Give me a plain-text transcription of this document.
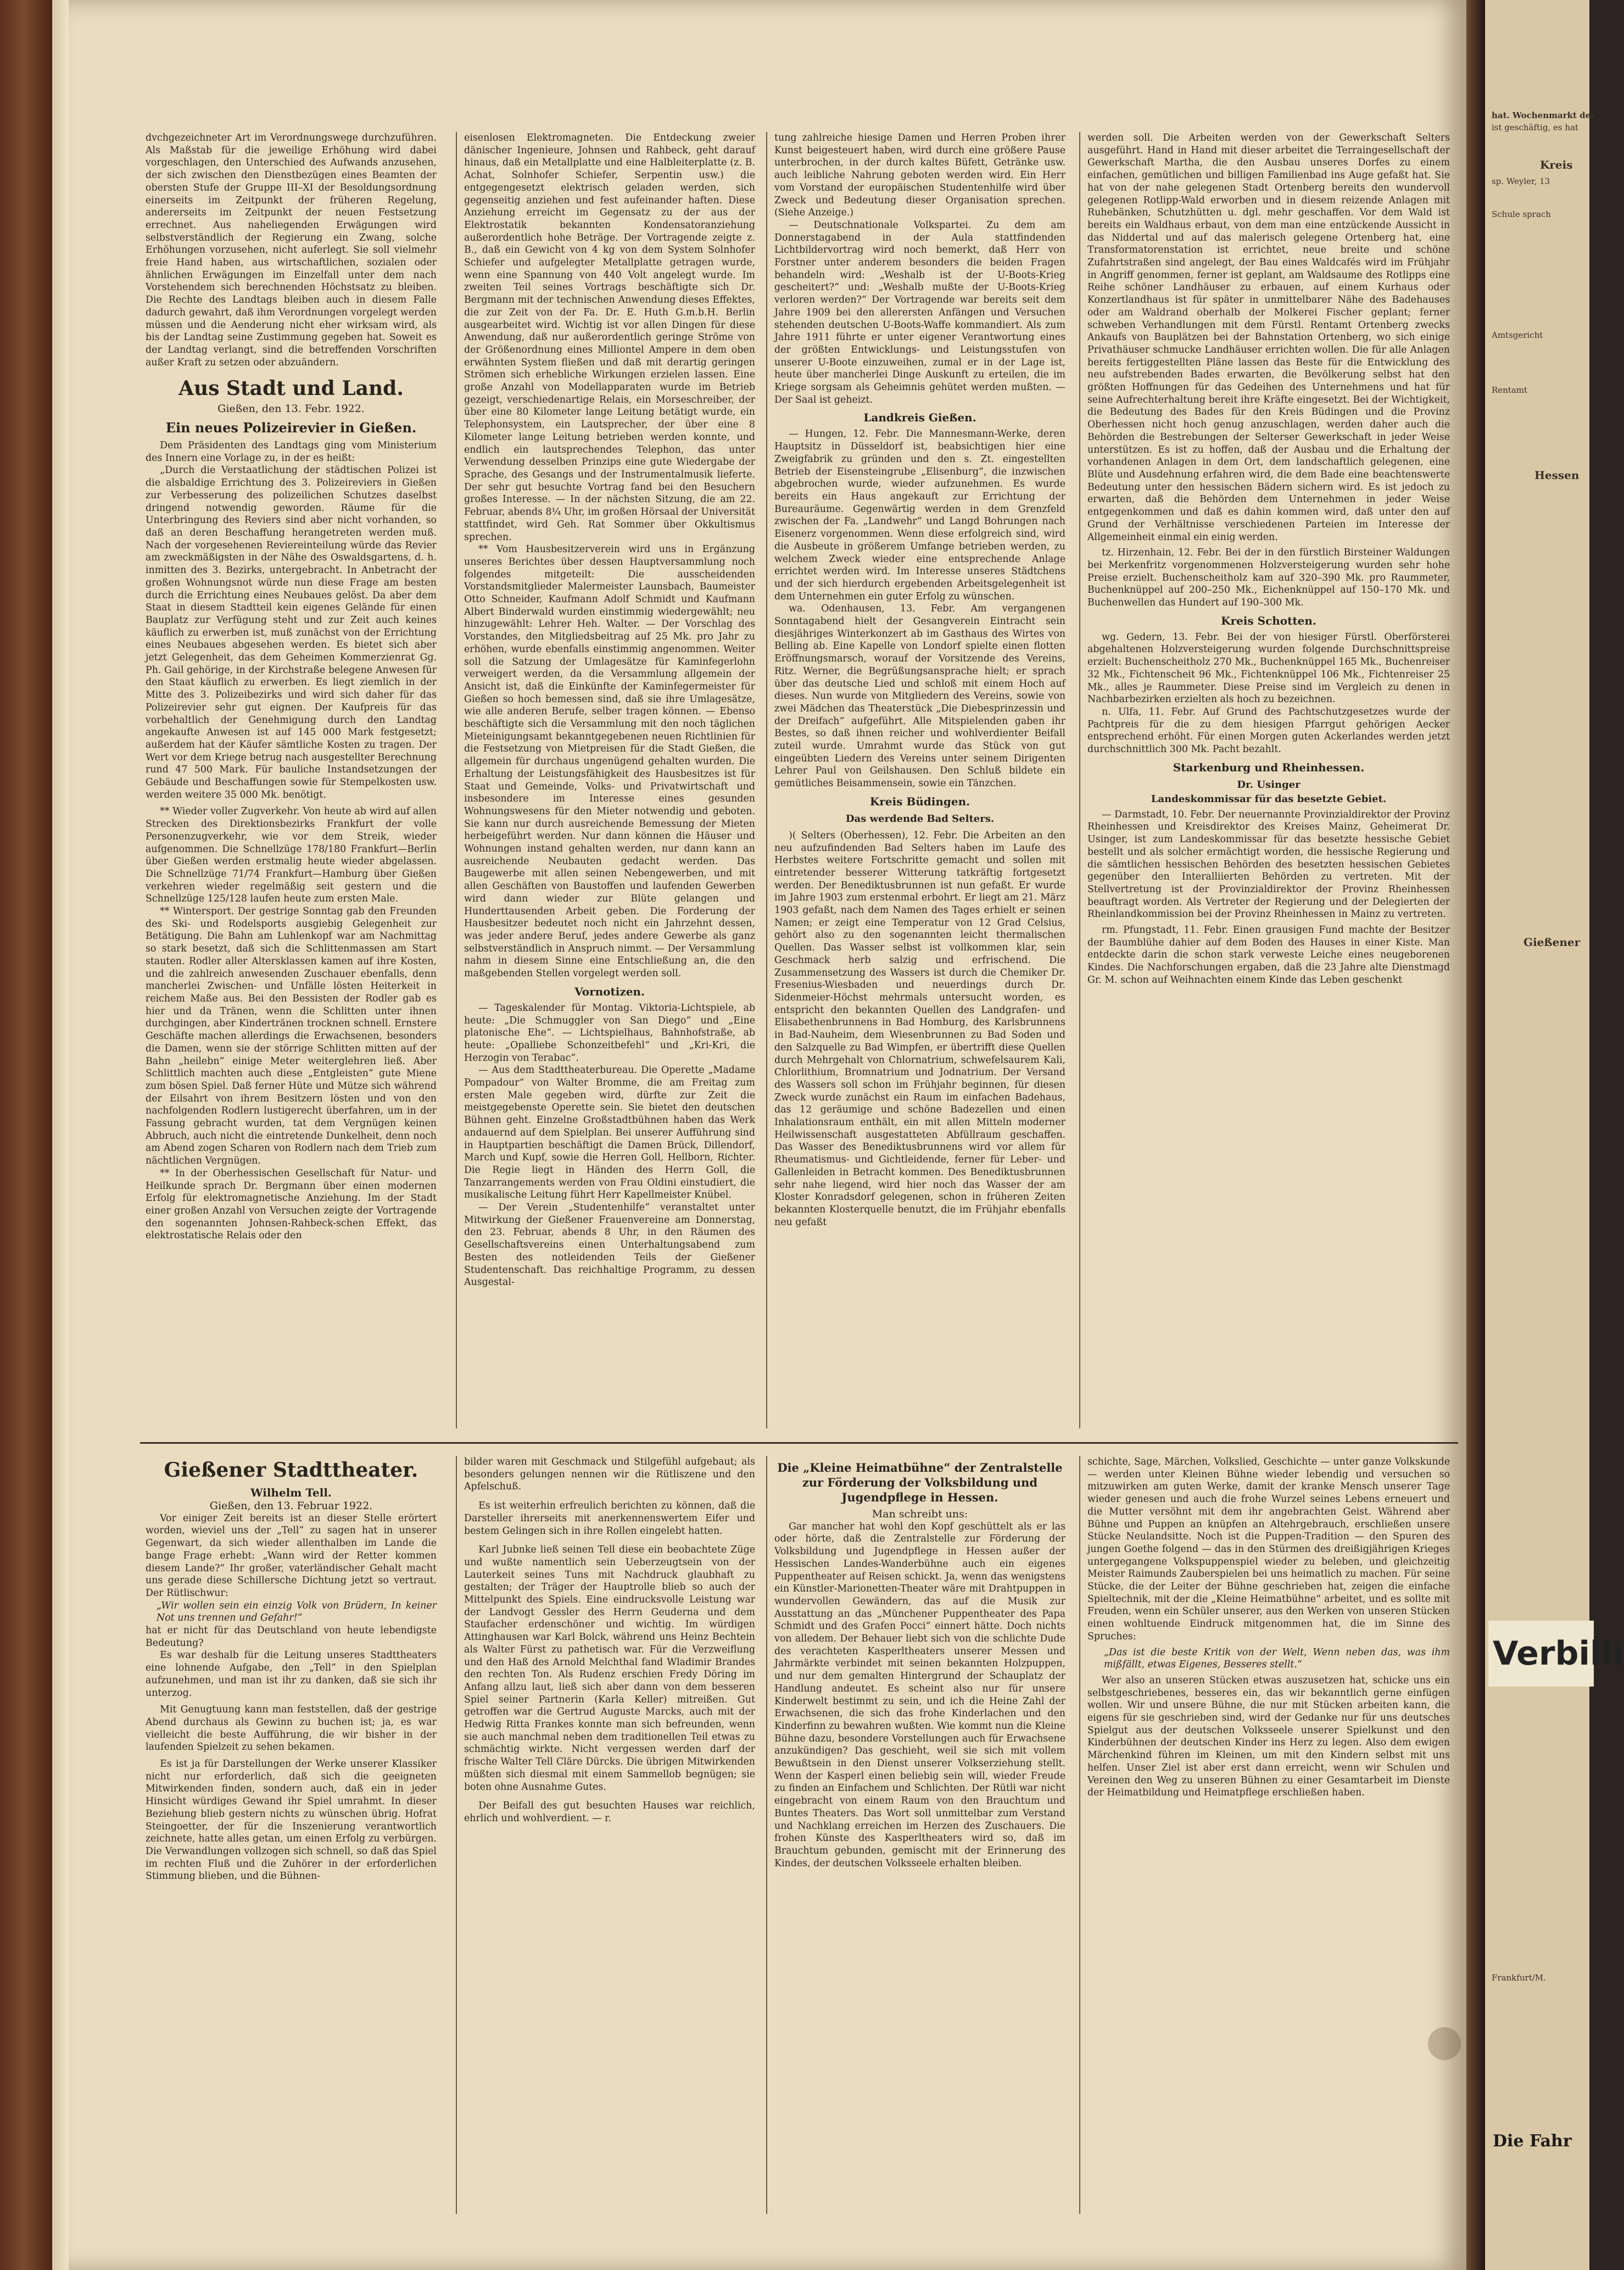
dvchgezeichneter Art im Verordnungswege durchzuführen. Als Maßstab für die jeweilige Erhöhung wird dabei vorgeschlagen, den Unterschied des Aufwands anzusehen, der sich zwischen den Dienstbezügen eines Beamten der obersten Stufe der Gruppe III–XI der Besoldungsordnung einerseits im Zeitpunkt der früheren Regelung, andererseits im Zeitpunkt der neuen Festsetzung errechnet. Aus naheliegenden Erwägungen wird selbstverständlich der Regierung ein Zwang, solche Erhöhungen vorzusehen, nicht auferlegt. Sie soll vielmehr freie Hand haben, aus wirtschaftlichen, sozialen oder ähnlichen Erwägungen im Einzelfall unter dem nach Vorstehendem sich berechnenden Höchstsatz zu bleiben. Die Rechte des Landtags bleiben auch in diesem Falle dadurch gewahrt, daß ihm Verordnungen vorgelegt werden müssen und die Aenderung nicht eher wirksam wird, als bis der Landtag seine Zustimmung gegeben hat. Soweit es der Landtag verlangt, sind die betreffenden Vorschriften außer Kraft zu setzen oder abzuändern.

Aus Stadt und Land.

Gießen, den 13. Febr. 1922.

Ein neues Polizeirevier in Gießen.

Dem Präsidenten des Landtags ging vom Ministerium des Innern eine Vorlage zu, in der es heißt:

„Durch die Verstaatlichung der städtischen Polizei ist die alsbaldige Errichtung des 3. Polizeireviers in Gießen zur Verbesserung des polizeilichen Schutzes daselbst dringend notwendig geworden. Räume für die Unterbringung des Reviers sind aber nicht vorhanden, so daß an deren Beschaffung herangetreten werden muß. Nach der vorgesehenen Reviereinteilung würde das Revier am zweckmäßigsten in der Nähe des Oswaldsgartens, d. h. inmitten des 3. Bezirks, untergebracht. In Anbetracht der großen Wohnungsnot würde nun diese Frage am besten durch die Errichtung eines Neubaues gelöst. Da aber dem Staat in diesem Stadtteil kein eigenes Gelände für einen Bauplatz zur Verfügung steht und zur Zeit auch keines käuflich zu erwerben ist, muß zunächst von der Errichtung eines Neubaues abgesehen werden. Es bietet sich aber jetzt Gelegenheit, das dem Geheimen Kommerzienrat Gg. Ph. Gail gehörige, in der Kirchstraße belegene Anwesen für den Staat käuflich zu erwerben. Es liegt ziemlich in der Mitte des 3. Polizeibezirks und wird sich daher für das Polizeirevier sehr gut eignen. Der Kaufpreis für das vorbehaltlich der Genehmigung durch den Landtag angekaufte Anwesen ist auf 145 000 Mark festgesetzt; außerdem hat der Käufer sämtliche Kosten zu tragen. Der Wert vor dem Kriege betrug nach ausgestellter Berechnung rund 47 500 Mark. Für bauliche Instandsetzungen der Gebäude und Beschaffungen sowie für Stempelkosten usw. werden weitere 35 000 Mk. benötigt.

** Wieder voller Zugverkehr. Von heute ab wird auf allen Strecken des Direktionsbezirks Frankfurt der volle Personenzugverkehr, wie vor dem Streik, wieder aufgenommen. Die Schnellzüge 178/180 Frankfurt—Berlin über Gießen werden erstmalig heute wieder abgelassen. Die Schnellzüge 71/74 Frankfurt—Hamburg über Gießen verkehren wieder regelmäßig seit gestern und die Schnellzüge 125/128 laufen heute zum ersten Male.

** Wintersport. Der gestrige Sonntag gab den Freunden des Ski- und Rodelsports ausgiebig Gelegenheit zur Betätigung. Die Bahn am Luhlenkopf war am Nachmittag so stark besetzt, daß sich die Schlittenmassen am Start stauten. Rodler aller Altersklassen kamen auf ihre Kosten, und die zahlreich anwesenden Zuschauer ebenfalls, denn mancherlei Zwischen- und Unfälle lösten Heiterkeit in reichem Maße aus. Bei den Bessisten der Rodler gab es hier und da Tränen, wenn die Schlitten unter ihnen durchgingen, aber Kindertränen trocknen schnell. Ernstere Geschäfte machen allerdings die Erwachsenen, besonders die Damen, wenn sie der störrige Schlitten mitten auf der Bahn „heilebn“ einige Meter weiterglehren ließ. Aber Schlittlich machten auch diese „Entgleisten“ gute Miene zum bösen Spiel. Daß ferner Hüte und Mütze sich während der Eilsahrt von ihrem Besitzern lösten und von den nachfolgenden Rodlern lustigerecht überfahren, um in der Fassung gebracht wurden, tat dem Vergnügen keinen Abbruch, auch nicht die eintretende Dunkelheit, denn noch am Abend zogen Scharen von Rodlern nach dem Trieb zum nächtlichen Vergnügen.

** In der Oberhessischen Gesellschaft für Natur- und Heilkunde sprach Dr. Bergmann über einen modernen Erfolg für elektromagnetische Anziehung. Im der Stadt einer großen Anzahl von Versuchen zeigte der Vortragende den sogenannten Johnsen-Rahbeck-schen Effekt, das elektrostatische Relais oder den

eisenlosen Elektromagneten. Die Entdeckung zweier dänischer Ingenieure, Johnsen und Rahbeck, geht darauf hinaus, daß ein Metallplatte und eine Halbleiterplatte (z. B. Achat, Solnhofer Schiefer, Serpentin usw.) die entgegengesetzt elektrisch geladen werden, sich gegenseitig anziehen und fest aufeinander haften. Diese Anziehung erreicht im Gegensatz zu der aus der Elektrostatik bekannten Kondensatoranziehung außerordentlich hohe Beträge. Der Vortragende zeigte z. B., daß ein Gewicht von 4 kg von dem System Solnhofer Schiefer und aufgelegter Metallplatte getragen wurde, wenn eine Spannung von 440 Volt angelegt wurde. Im zweiten Teil seines Vortrags beschäftigte sich Dr. Bergmann mit der technischen Anwendung dieses Effektes, die zur Zeit von der Fa. Dr. E. Huth G.m.b.H. Berlin ausgearbeitet wird. Wichtig ist vor allen Dingen für diese Anwendung, daß nur außerordentlich geringe Ströme von der Größenordnung eines Milliontel Ampere in dem oben erwähnten System fließen und daß mit derartig geringen Strömen sich erhebliche Wirkungen erzielen lassen. Eine große Anzahl von Modellapparaten wurde im Betrieb gezeigt, verschiedenartige Relais, ein Morseschreiber, der über eine 80 Kilometer lange Leitung betätigt wurde, ein Telephonsystem, ein Lautsprecher, der über eine 8 Kilometer lange Leitung betrieben werden konnte, und endlich ein lautsprechendes Telephon, das unter Verwendung desselben Prinzips eine gute Wiedergabe der Sprache, des Gesangs und der Instrumentalmusik lieferte. Der sehr gut besuchte Vortrag fand bei den Besuchern großes Interesse. — In der nächsten Sitzung, die am 22. Februar, abends 8¼ Uhr, im großen Hörsaal der Universität stattfindet, wird Geh. Rat Sommer über Okkultismus sprechen.

** Vom Hausbesitzerverein wird uns in Ergänzung unseres Berichtes über dessen Hauptversammlung noch folgendes mitgeteilt: Die ausscheidenden Vorstandsmitglieder Malermeister Launsbach, Baumeister Otto Schneider, Kaufmann Adolf Schmidt und Kaufmann Albert Binderwald wurden einstimmig wiedergewählt; neu hinzugewählt: Lehrer Heh. Walter. — Der Vorschlag des Vorstandes, den Mitgliedsbeitrag auf 25 Mk. pro Jahr zu erhöhen, wurde ebenfalls einstimmig angenommen. Weiter soll die Satzung der Umlagesätze für Kaminfegerlohn verweigert werden, da die Versammlung allgemein der Ansicht ist, daß die Einkünfte der Kaminfegermeister für Gießen so hoch bemessen sind, daß sie ihre Umlagesätze, wie alle anderen Berufe, selber tragen können. — Ebenso beschäftigte sich die Versammlung mit den noch täglichen Mieteinigungsamt bekanntgegebenen neuen Richtlinien für die Festsetzung von Mietpreisen für die Stadt Gießen, die allgemein für durchaus ungenügend gehalten wurden. Die Erhaltung der Leistungsfähigkeit des Hausbesitzes ist für Staat und Gemeinde, Volks- und Privatwirtschaft und insbesondere im Interesse eines gesunden Wohnungswesens für den Mieter notwendig und geboten. Sie kann nur durch ausreichende Bemessung der Mieten herbeigeführt werden. Nur dann können die Häuser und Wohnungen instand gehalten werden, nur dann kann an ausreichende Neubauten gedacht werden. Das Baugewerbe mit allen seinen Nebengewerben, und mit allen Geschäften von Baustoffen und laufenden Gewerben wird dann wieder zur Blüte gelangen und Hunderttausenden Arbeit geben. Die Forderung der Hausbesitzer bedeutet noch nicht ein Jahrzehnt dessen, was jeder andere Beruf, jedes andere Gewerbe als ganz selbstverständlich in Anspruch nimmt. — Der Versammlung nahm in diesem Sinne eine Entschließung an, die den maßgebenden Stellen vorgelegt werden soll.

Vornotizen.

— Tageskalender für Montag. Viktoria-Lichtspiele, ab heute: „Die Schmuggler von San Diego“ und „Eine platonische Ehe“. — Lichtspielhaus, Bahnhofstraße, ab heute: „Opalliebe Schonzeitbefehl“ und „Kri-Kri, die Herzogin von Terabac“.

— Aus dem Stadttheaterbureau. Die Operette „Madame Pompadour“ von Walter Bromme, die am Freitag zum ersten Male gegeben wird, dürfte zur Zeit die meistgegebenste Operette sein. Sie bietet den deutschen Bühnen geht. Einzelne Großstadtbühnen haben das Werk andauernd auf dem Spielplan. Bei unserer Aufführung sind in Hauptpartien beschäftigt die Damen Brück, Dillendorf, March und Kupf, sowie die Herren Goll, Hellborn, Richter. Die Regie liegt in Händen des Herrn Goll, die Tanzarrangements werden von Frau Oldini einstudiert, die musikalische Leitung führt Herr Kapellmeister Knübel.

— Der Verein „Studentenhilfe“ veranstaltet unter Mitwirkung der Gießener Frauenvereine am Donnerstag, den 23. Februar, abends 8 Uhr, in den Räumen des Gesellschaftsvereins einen Unterhaltungsabend zum Besten des notleidenden Teils der Gießener Studentenschaft. Das reichhaltige Programm, zu dessen Ausgestal-

tung zahlreiche hiesige Damen und Herren Proben ihrer Kunst beigesteuert haben, wird durch eine größere Pause unterbrochen, in der durch kaltes Büfett, Getränke usw. auch leibliche Nahrung geboten werden wird. Ein Herr vom Vorstand der europäischen Studentenhilfe wird über Zweck und Bedeutung dieser Organisation sprechen. (Siehe Anzeige.)

— Deutschnationale Volkspartei. Zu dem am Donnerstagabend in der Aula stattfindenden Lichtbildervortrag wird noch bemerkt, daß Herr von Forstner unter anderem besonders die beiden Fragen behandeln wird: „Weshalb ist der U-Boots-Krieg gescheitert?“ und: „Weshalb mußte der U-Boots-Krieg verloren werden?“ Der Vortragende war bereits seit dem Jahre 1909 bei den allerersten Anfängen und Versuchen stehenden deutschen U-Boots-Waffe kommandiert. Als zum Jahre 1911 führte er unter eigener Verantwortung eines der größten Entwicklungs- und Leistungsstufen von unserer U-Boote einzuweihen, zumal er in der Lage ist, heute über mancherlei Dinge Auskunft zu erteilen, die im Kriege sorgsam als Geheimnis gehütet werden mußten. — Der Saal ist geheizt.

Landkreis Gießen.

— Hungen, 12. Febr. Die Mannesmann-Werke, deren Hauptsitz in Düsseldorf ist, beabsichtigen hier eine Zweigfabrik zu gründen und den s. Zt. eingestellten Betrieb der Eisensteingrube „Elisenburg“, die inzwischen abgebrochen wurde, wieder aufzunehmen. Es wurde bereits ein Haus angekauft zur Errichtung der Bureauräume. Gegenwärtig werden in dem Grenzfeld zwischen der Fa. „Landwehr“ und Langd Bohrungen nach Eisenerz vorgenommen. Wenn diese erfolgreich sind, wird die Ausbeute in größerem Umfange betrieben werden, zu welchem Zweck wieder eine entsprechende Anlage errichtet werden wird. Im Interesse unseres Städtchens und der sich hierdurch ergebenden Arbeitsgelegenheit ist dem Unternehmen ein guter Erfolg zu wünschen.

wa. Odenhausen, 13. Febr. Am vergangenen Sonntagabend hielt der Gesangverein Eintracht sein diesjähriges Winterkonzert ab im Gasthaus des Wirtes von Belling ab. Eine Kapelle von Londorf spielte einen flotten Eröffnungsmarsch, worauf der Vorsitzende des Vereins, Ritz. Werner, die Begrüßungsansprache hielt; er sprach über das deutsche Lied und schloß mit einem Hoch auf dieses. Nun wurde von Mitgliedern des Vereins, sowie von zwei Mädchen das Theaterstück „Die Diebesprinzessin und der Dreifach“ aufgeführt. Alle Mitspielenden gaben ihr Bestes, so daß ihnen reicher und wohlverdienter Beifall zuteil wurde. Umrahmt wurde das Stück von gut eingeübten Liedern des Vereins unter seinem Dirigenten Lehrer Paul von Geilshausen. Den Schluß bildete ein gemütliches Beisammensein, sowie ein Tänzchen.

Kreis Büdingen.
Das werdende Bad Selters.

)( Selters (Oberhessen), 12. Febr. Die Arbeiten an den neu aufzufindenden Bad Selters haben im Laufe des Herbstes weitere Fortschritte gemacht und sollen mit eintretender besserer Witterung tatkräftig fortgesetzt werden. Der Benediktusbrunnen ist nun gefaßt. Er wurde im Jahre 1903 zum erstenmal erbohrt. Er liegt am 21. März 1903 gefaßt, nach dem Namen des Tages erhielt er seinen Namen; er zeigt eine Temperatur von 12 Grad Celsius, gehört also zu den sogenannten leicht thermalischen Quellen. Das Wasser selbst ist vollkommen klar, sein Geschmack herb salzig und erfrischend. Die Zusammensetzung des Wassers ist durch die Chemiker Dr. Fresenius-Wiesbaden und neuerdings durch Dr. Sidenmeier-Höchst mehrmals untersucht worden, es entspricht den bekannten Quellen des Landgrafen- und Elisabethenbrunnens in Bad Homburg, des Karlsbrunnens in Bad-Nauheim, dem Wiesenbrunnen zu Bad Soden und den Salzquelle zu Bad Wimpfen, er übertrifft diese Quellen durch Mehrgehalt von Chlornatrium, schwefelsaurem Kali, Chlorlithium, Bromnatrium und Jodnatrium. Der Versand des Wassers soll schon im Frühjahr beginnen, für diesen Zweck wurde zunächst ein Raum im einfachen Badehaus, das 12 geräumige und schöne Badezellen und einen Inhalationsraum enthält, ein mit allen Mitteln moderner Heilwissenschaft ausgestatteten Abfüllraum geschaffen. Das Wasser des Benediktusbrunnens wird vor allem für Rheumatismus- und Gichtleidende, ferner für Leber- und Gallenleiden in Betracht kommen. Des Benediktusbrunnen sehr nahe liegend, wird hier noch das Wasser der am Kloster Konradsdorf gelegenen, schon in früheren Zeiten bekannten Klosterquelle benutzt, die im Frühjahr ebenfalls neu gefaßt

werden soll. Die Arbeiten werden von der Gewerkschaft Selters ausgeführt. Hand in Hand mit dieser arbeitet die Terraingesellschaft der Gewerkschaft Martha, die den Ausbau unseres Dorfes zu einem einfachen, gemütlichen und billigen Familienbad ins Auge gefaßt hat. Sie hat von der nahe gelegenen Stadt Ortenberg bereits den wundervoll gelegenen Rotlipp-Wald erworben und in diesem reizende Anlagen mit Ruhebänken, Schutzhütten u. dgl. mehr geschaffen. Vor dem Wald ist bereits ein Waldhaus erbaut, von dem man eine entzückende Aussicht in das Niddertal und auf das malerisch gelegene Ortenberg hat, eine Transformatorenstation ist errichtet, neue breite und schöne Zufahrtstraßen sind angelegt, der Bau eines Waldcafés wird im Frühjahr in Angriff genommen, ferner ist geplant, am Waldsaume des Rotlipps eine Reihe schöner Landhäuser zu erbauen, auf einem Kurhaus oder Konzertlandhaus ist für später in unmittelbarer Nähe des Badehauses oder am Waldrand oberhalb der Molkerei Fischer geplant; ferner schweben Verhandlungen mit dem Fürstl. Rentamt Ortenberg zwecks Ankaufs von Bauplätzen bei der Bahnstation Ortenberg, wo sich einige Privathäuser schmucke Landhäuser errichten wollen. Die für alle Anlagen bereits fertiggestellten Pläne lassen das Beste für die Entwicklung des neu aufstrebenden Bades erwarten, die Bevölkerung selbst hat den größten Hoffnungen für das Gedeihen des Unternehmens und hat für seine Aufrechterhaltung bereit ihre Kräfte eingesetzt. Bei der Wichtigkeit, die Bedeutung des Bades für den Kreis Büdingen und die Provinz Oberhessen nicht hoch genug anzuschlagen, werden daher auch die Behörden die Bestrebungen der Selterser Gewerkschaft in jeder Weise unterstützen. Es ist zu hoffen, daß der Ausbau und die Erhaltung der vorhandenen Anlagen in dem Ort, dem landschaftlich gelegenen, eine Blüte und Ausdehnung erfahren wird, die dem Bade eine beachtenswerte Bedeutung unter den hessischen Bädern sichern wird. Es ist jedoch zu erwarten, daß die Behörden dem Unternehmen in jeder Weise entgegenkommen und daß es dahin kommen wird, daß unter den auf Grund der Verhältnisse verschiedenen Parteien im Interesse der Allgemeinheit einmal ein einig werden.

tz. Hirzenhain, 12. Febr. Bei der in den fürstlich Birsteiner Waldungen bei Merkenfritz vorgenommenen Holzversteigerung wurden sehr hohe Preise erzielt. Buchenscheitholz kam auf 320–390 Mk. pro Raummeter, Buchenknüppel auf 200–250 Mk., Eichenknüppel auf 150–170 Mk. und Buchenwellen das Hundert auf 190–300 Mk.

Kreis Schotten.

wg. Gedern, 13. Febr. Bei der von hiesiger Fürstl. Oberförsterei abgehaltenen Holzversteigerung wurden folgende Durchschnittspreise erzielt: Buchenscheitholz 270 Mk., Buchenknüppel 165 Mk., Buchenreiser 32 Mk., Fichtenscheit 96 Mk., Fichtenknüppel 106 Mk., Fichtenreiser 25 Mk., alles je Raummeter. Diese Preise sind im Vergleich zu denen in Nachbarbezirken erzielten als hoch zu bezeichnen.

n. Ulfa, 11. Febr. Auf Grund des Pachtschutzgesetzes wurde der Pachtpreis für die zu dem hiesigen Pfarrgut gehörigen Aecker entsprechend erhöht. Für einen Morgen guten Ackerlandes werden jetzt durchschnittlich 300 Mk. Pacht bezahlt.

Starkenburg und Rheinhessen.
Dr. Usinger
Landeskommissar für das besetzte Gebiet.

— Darmstadt, 10. Febr. Der neuernannte Provinzialdirektor der Provinz Rheinhessen und Kreisdirektor des Kreises Mainz, Geheimerat Dr. Usinger, ist zum Landeskommissar für das besetzte hessische Gebiet bestellt und als solcher ermächtigt worden, die hessische Regierung und die sämtlichen hessischen Behörden des besetzten hessischen Gebietes gegenüber den Interalliierten Behörden zu vertreten. Mit der Stellvertretung ist der Provinzialdirektor der Provinz Rheinhessen beauftragt worden. Als Vertreter der Regierung und der Delegierten der Rheinlandkommission bei der Provinz Rheinhessen in Mainz zu vertreten.

rm. Pfungstadt, 11. Febr. Einen grausigen Fund machte der Besitzer der Baumblühe dahier auf dem Boden des Hauses in einer Kiste. Man entdeckte darin die schon stark verweste Leiche eines neugeborenen Kindes. Die Nachforschungen ergaben, daß die 23 Jahre alte Dienstmagd Gr. M. schon auf Weihnachten einem Kinde das Leben geschenkt

Gießener Stadttheater.
Wilhelm Tell.

Gießen, den 13. Februar 1922.

Vor einiger Zeit bereits ist an dieser Stelle erörtert worden, wieviel uns der „Tell“ zu sagen hat in unserer Gegenwart, da sich wieder allenthalben im Lande die bange Frage erhebt: „Wann wird der Retter kommen diesem Lande?“ Ihr großer, vaterländischer Gehalt macht uns gerade diese Schillersche Dichtung jetzt so vertraut. Der Rütlischwur:

„Wir wollen sein ein einzig Volk von Brüdern, In keiner Not uns trennen und Gefahr!“

hat er nicht für das Deutschland von heute lebendigste Bedeutung?

Es war deshalb für die Leitung unseres Stadttheaters eine lohnende Aufgabe, den „Tell“ in den Spielplan aufzunehmen, und man ist ihr zu danken, daß sie sich ihr unterzog.

Mit Genugtuung kann man feststellen, daß der gestrige Abend durchaus als Gewinn zu buchen ist; ja, es war vielleicht die beste Aufführung, die wir bisher in der laufenden Spielzeit zu sehen bekamen.

Es ist ja für Darstellungen der Werke unserer Klassiker nicht nur erforderlich, daß sich die geeigneten Mitwirkenden finden, sondern auch, daß ein in jeder Hinsicht würdiges Gewand ihr Spiel umrahmt. In dieser Beziehung blieb gestern nichts zu wünschen übrig. Hofrat Steingoetter, der für die Inszenierung verantwortlich zeichnete, hatte alles getan, um einen Erfolg zu verbürgen. Die Verwandlungen vollzogen sich schnell, so daß das Spiel im rechten Fluß und die Zuhörer in der erforderlichen Stimmung blieben, und die Bühnen-

bilder waren mit Geschmack und Stilgefühl aufgebaut; als besonders gelungen nennen wir die Rütliszene und den Apfelschuß.

Es ist weiterhin erfreulich berichten zu können, daß die Darsteller ihrerseits mit anerkennenswertem Eifer und bestem Gelingen sich in ihre Rollen eingelebt hatten.

Karl Jubnke ließ seinen Tell diese ein beobachtete Züge und wußte namentlich sein Ueberzeugtsein von der Lauterkeit seines Tuns mit Nachdruck glaubhaft zu gestalten; der Träger der Hauptrolle blieb so auch der Mittelpunkt des Spiels. Eine eindrucksvolle Leistung war der Landvogt Gessler des Herrn Geuderna und dem Staufacher erdenschöner und wichtig. Im würdigen Attinghausen war Karl Bolck, während uns Heinz Bechtein als Walter Fürst zu pathetisch war. Für die Verzweiflung und den Haß des Arnold Melchthal fand Wladimir Brandes den rechten Ton. Als Rudenz erschien Fredy Döring im Anfang allzu laut, ließ sich aber dann von dem besseren Spiel seiner Partnerin (Karla Keller) mitreißen. Gut getroffen war die Gertrud Auguste Marcks, auch mit der Hedwig Ritta Frankes konnte man sich befreunden, wenn sie auch manchmal neben dem traditionellen Teil etwas zu schmächtig wirkte. Nicht vergessen werden darf der frische Walter Tell Cläre Dürcks. Die übrigen Mitwirkenden müßten sich diesmal mit einem Sammellob begnügen; sie boten ohne Ausnahme Gutes.

Der Beifall des gut besuchten Hauses war reichlich, ehrlich und wohlverdient. — r.

Die „Kleine Heimatbühne“ der Zentralstelle zur Förderung der Volksbildung und Jugendpflege in Hessen.

Man schreibt uns:

Gar mancher hat wohl den Kopf geschüttelt als er las oder hörte, daß die Zentralstelle zur Förderung der Volksbildung und Jugendpflege in Hessen außer der Hessischen Landes-Wanderbühne auch ein eigenes Puppentheater auf Reisen schickt. Ja, wenn das wenigstens ein Künstler-Marionetten-Theater wäre mit Drahtpuppen in wundervollen Gewändern, das auf die Musik zur Ausstattung an das „Münchener Puppentheater des Papa Schmidt und des Grafen Pocci“ einnert hätte. Doch nichts von alledem. Der Behauer liebt sich von die schlichte Dude des verachteten Kasperltheaters unserer Messen und Jahrmärkte verbindet mit seinen bekannten Holzpuppen, und nur dem gemalten Hintergrund der Schauplatz der Handlung andeutet. Es scheint also nur für unsere Kinderwelt bestimmt zu sein, und ich die Heine Zahl der Erwachsenen, die sich das frohe Kinderlachen und den Kinderfinn zu bewahren wußten. Wie kommt nun die Kleine Bühne dazu, besondere Vorstellungen auch für Erwachsene anzukündigen? Das geschieht, weil sie sich mit vollem Bewußtsein in den Dienst unserer Volkserziehung stellt. Wenn der Kasperl einen beliebig sein will, wieder Freude zu finden an Einfachem und Schlichten. Der Rütli war nicht eingebracht von einem Raum von den Brauchtum und Buntes Theaters. Das Wort soll unmittelbar zum Verstand und Nachklang erreichen im Herzen des Zuschauers. Die frohen Künste des Kasperltheaters wird so, daß im Brauchtum gebunden, gemischt mit der Erinnerung des Kindes, der deutschen Volksseele erhalten bleiben.

schichte, Sage, Märchen, Volkslied, Geschichte — unter ganze Volkskunde — werden unter Kleinen Bühne wieder lebendig und versuchen so mitzuwirken am guten Werke, damit der kranke Mensch unserer Tage wieder genesen und auch die frohe Wurzel seines Lebens erneuert und die Mutter versöhnt mit dem ihr angebrachten Geist. Während aber Bühne und Puppen an knüpfen an Altehrgebrauch, erschließen unsere Stücke Neulandsitte. Noch ist die Puppen-Tradition — den Spuren des jungen Goethe folgend — das in den Stürmen des dreißigjährigen Krieges untergegangene Volkspuppenspiel wieder zu beleben, und gleichzeitig Meister Raimunds Zauberspielen bei uns heimatlich zu machen. Für seine Stücke, die der Leiter der Bühne geschrieben hat, zeigen die einfache Spieltechnik, mit der die „Kleine Heimatbühne“ arbeitet, und es sollte mit Freuden, wenn ein Schüler unserer, aus den Werken von unseren Stücken einen wohltuende Eindruck mitgenommen hat, die im Sinne des Spruches:

„Das ist die beste Kritik von der Welt, Wenn neben das, was ihm mißfällt, etwas Eigenes, Besseres stellt.“

Wer also an unseren Stücken etwas auszusetzen hat, schicke uns ein selbstgeschriebenes, besseres ein, das wir bekanntlich gerne einfügen wollen. Wir und unsere Bühne, die nur mit Stücken arbeiten kann, die eigens für sie geschrieben sind, wird der Gedanke nur für uns deutsches Spielgut aus der deutschen Volksseele unserer Spielkunst und den Kinderbühnen der deutschen Kinder ins Herz zu legen. Also dem ewigen Märchenkind führen im Kleinen, um mit den Kindern selbst mit uns helfen. Unser Ziel ist aber erst dann erreicht, wenn wir Schulen und Vereinen den Weg zu unseren Bühnen zu einer Gesamtarbeit im Dienste der Heimatbildung und Heimatpflege erschließen haben.

hat. Wochenmarkt der
ist geschäftig, es hat
Kreis
sp. Weyler, 13
Schule sprach
Amtsgericht
Rentamt
Hessen
Gießener
Frankfurt/M.
Verbilli
Die Fahr
